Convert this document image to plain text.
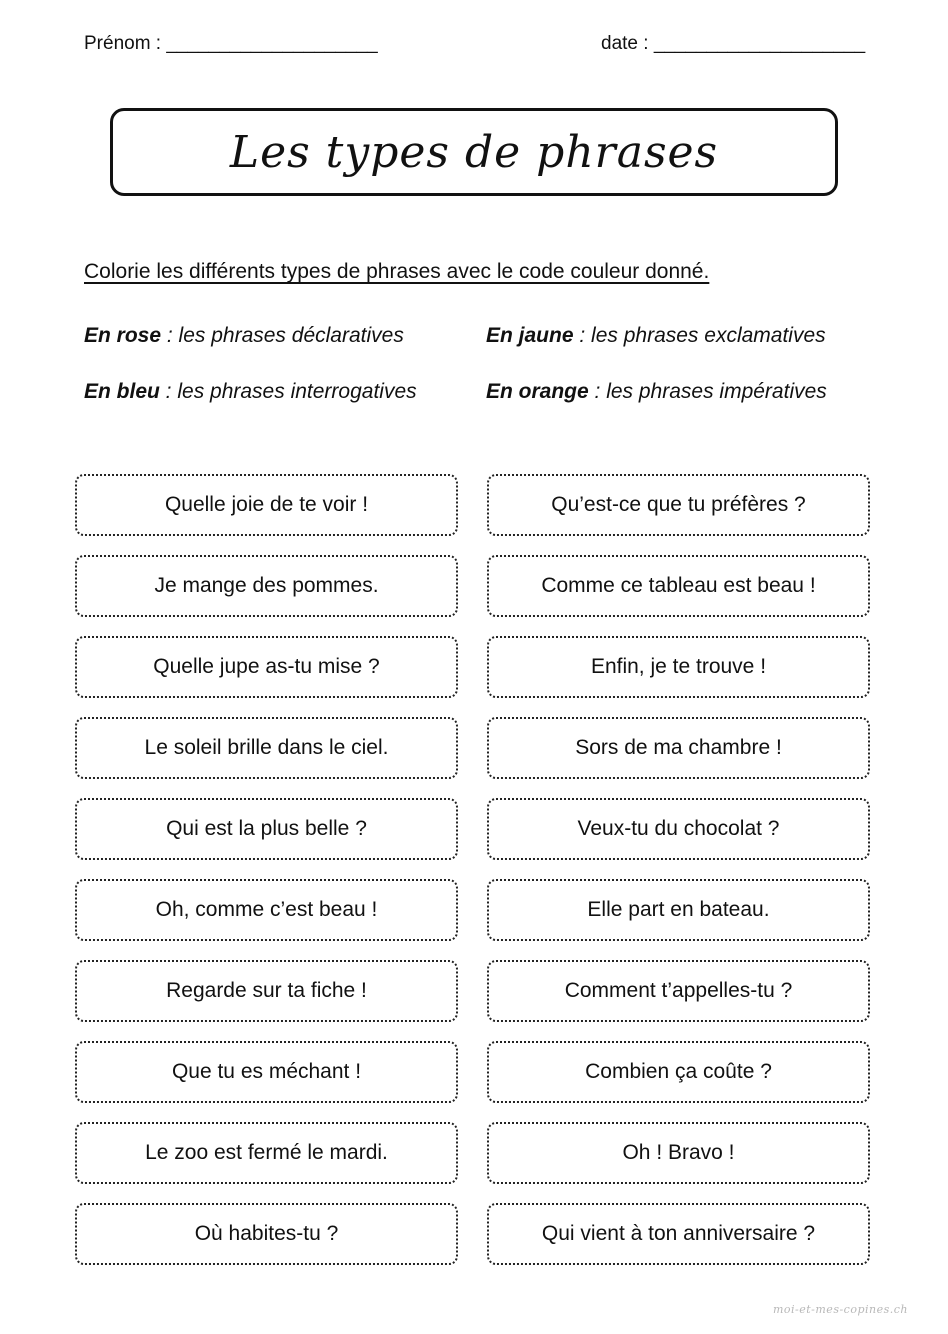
Prénom : ____________________	date : ____________________
Les types de phrases
Colorie les différents types de phrases avec le code couleur donné.
En rose : les phrases déclaratives	En jaune : les phrases exclamatives
En bleu : les phrases interrogatives	En orange : les phrases impératives
Quelle joie de te voir !	Qu’est-ce que tu préfères ?
Je mange des pommes.	Comme ce tableau est beau !
Quelle jupe as-tu mise ?	Enfin, je te trouve !
Le soleil brille dans le ciel.	Sors de ma chambre !
Qui est la plus belle ?	Veux-tu du chocolat ?
Oh, comme c’est beau !	Elle part en bateau.
Regarde sur ta fiche !	Comment t’appelles-tu ?
Que tu es méchant !	Combien ça coûte ?
Le zoo est fermé le mardi.	Oh ! Bravo !
Où habites-tu ?	Qui vient à ton anniversaire ?
moi-et-mes-copines.ch
